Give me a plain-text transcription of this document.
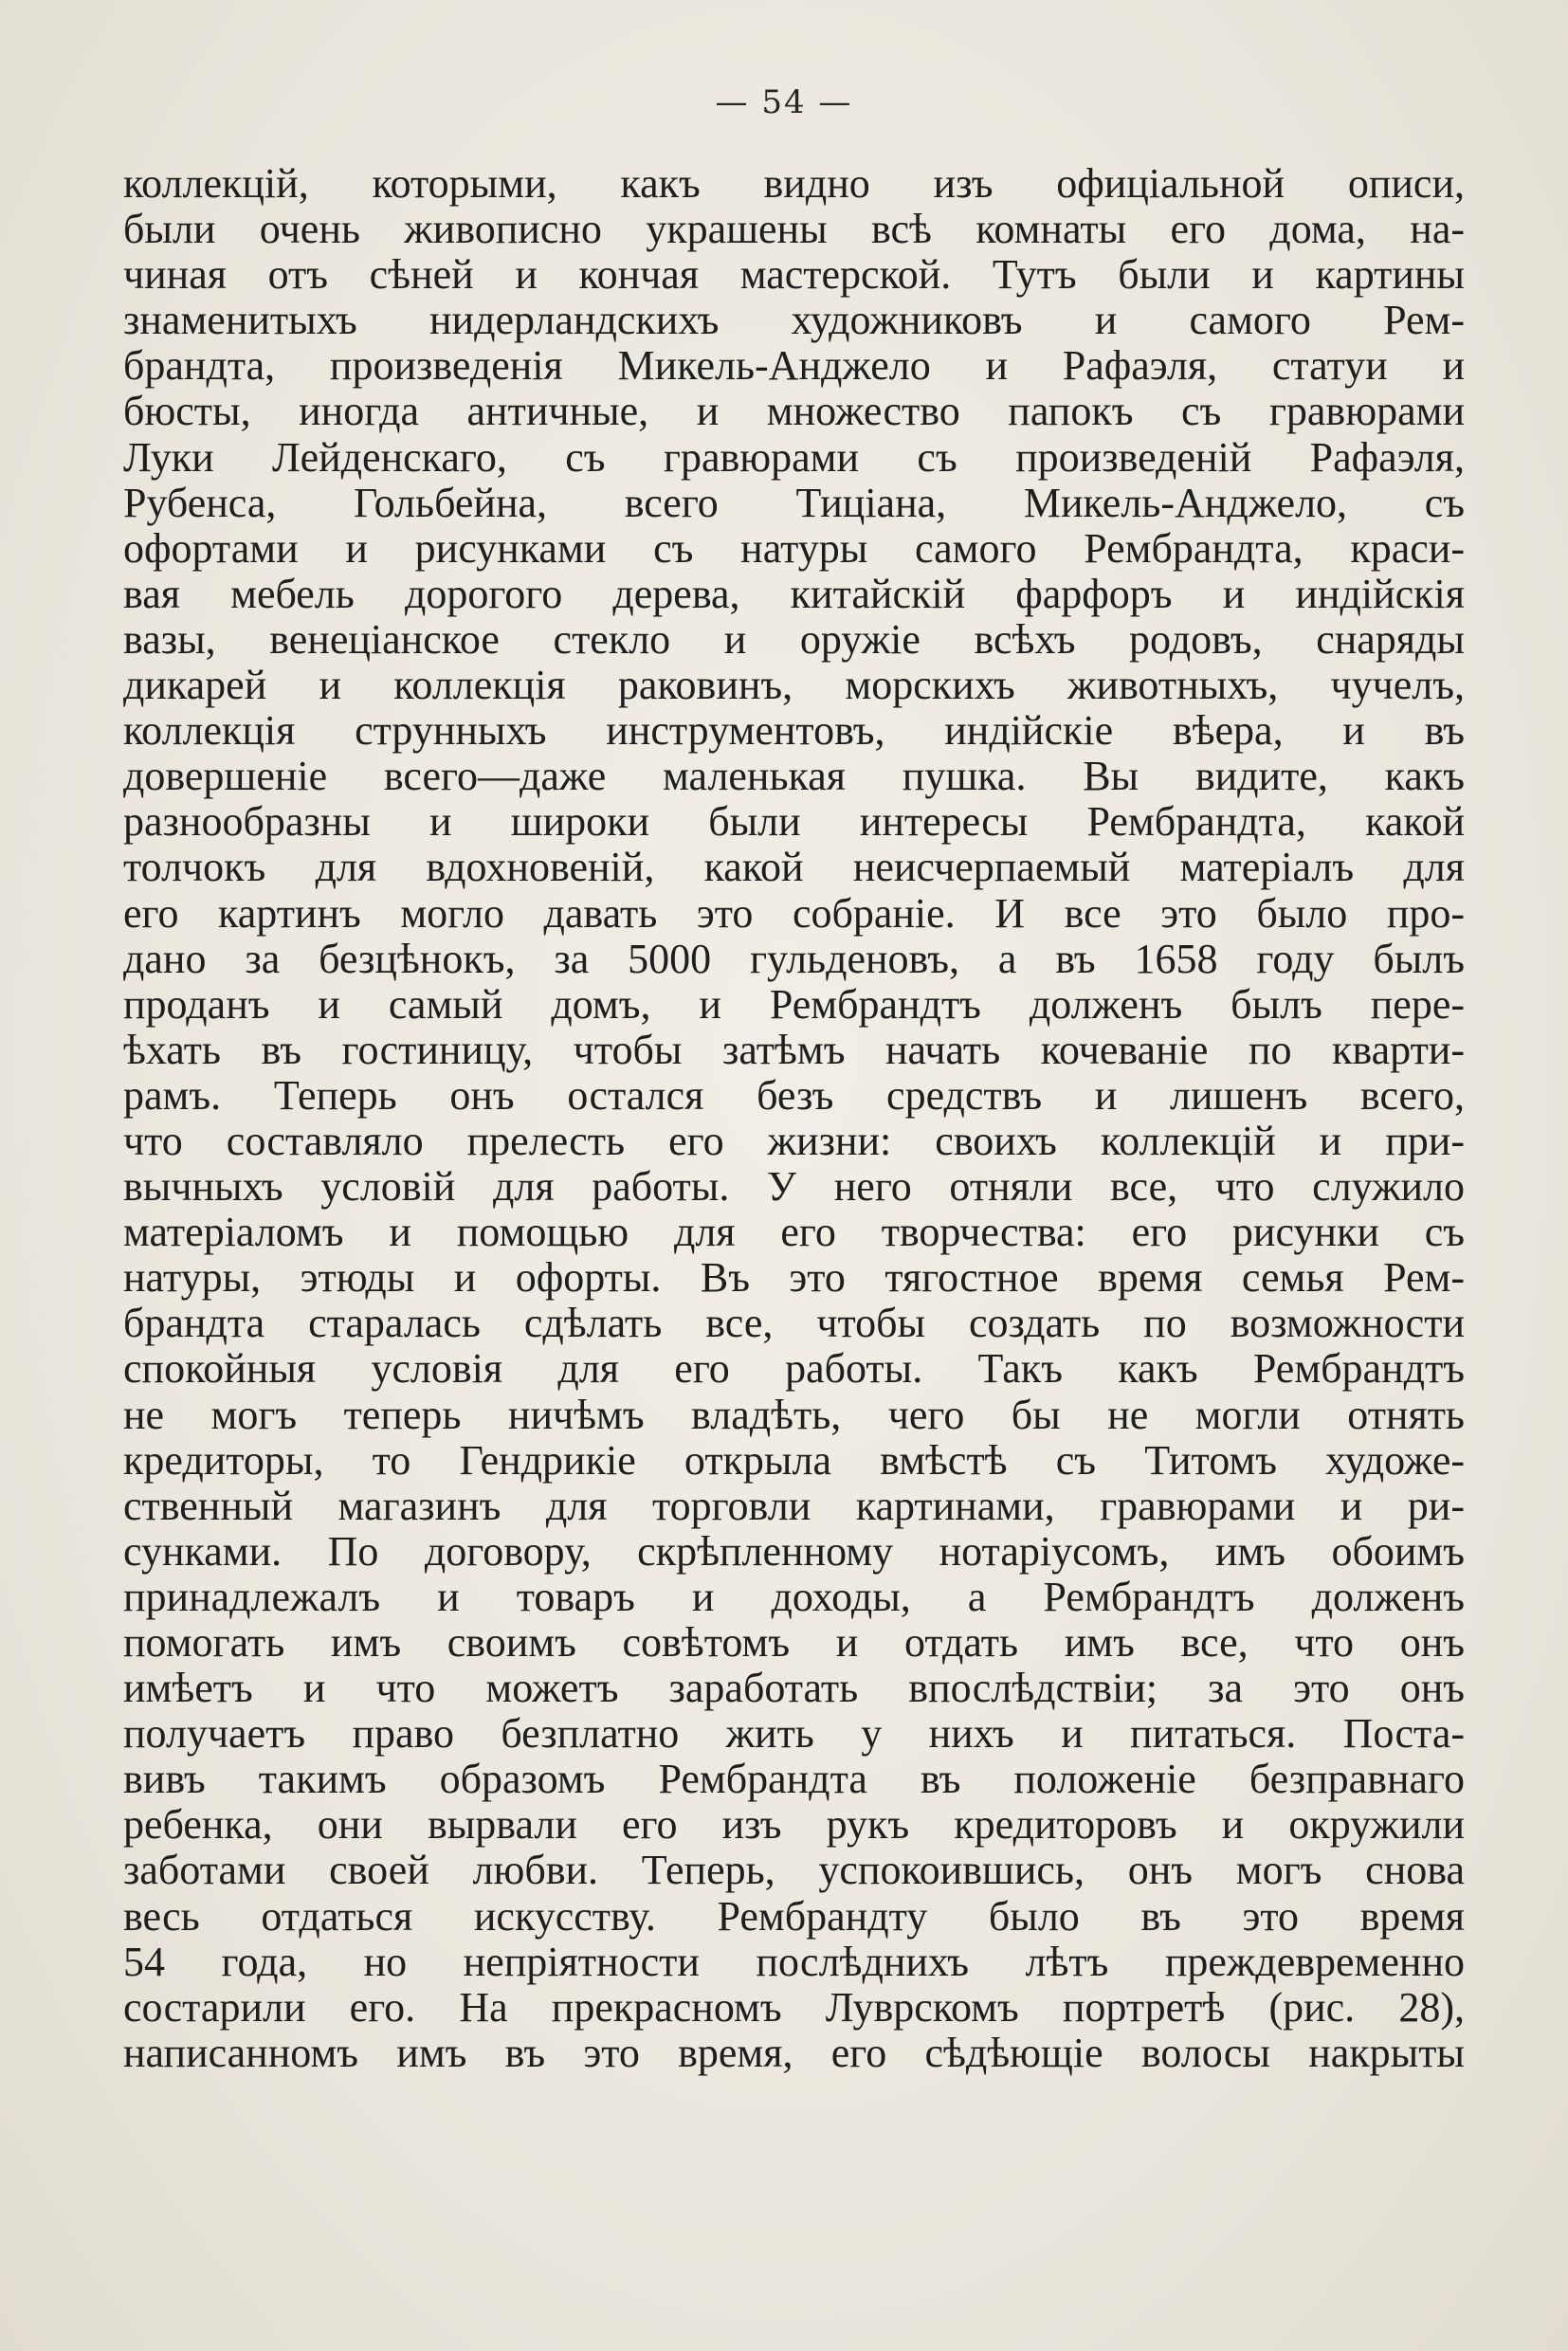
— 54 —
коллекцій, которыми, какъ видно изъ офиціальной описи,
были очень живописно украшены всѣ комнаты его дома, на-
чиная отъ сѣней и кончая мастерской. Тутъ были и картины
знаменитыхъ нидерландскихъ художниковъ и самого Рем-
брандта, произведенія Микель-Анджело и Рафаэля, статуи и
бюсты, иногда античные, и множество папокъ съ гравюрами
Луки Лейденскаго, съ гравюрами съ произведеній Рафаэля,
Рубенса, Гольбейна, всего Тиціана, Микель-Анджело, съ
офортами и рисунками съ натуры самого Рембрандта, краси-
вая мебель дорогого дерева, китайскій фарфоръ и индійскія
вазы, венеціанское стекло и оружіе всѣхъ родовъ, снаряды
дикарей и коллекція раковинъ, морскихъ животныхъ, чучелъ,
коллекція струнныхъ инструментовъ, индійскіе вѣера, и въ
довершеніе всего—даже маленькая пушка. Вы видите, какъ
разнообразны и широки были интересы Рембрандта, какой
толчокъ для вдохновеній, какой неисчерпаемый матеріалъ для
его картинъ могло давать это собраніе. И все это было про-
дано за безцѣнокъ, за 5000 гульденовъ, а въ 1658 году былъ
проданъ и самый домъ, и Рембрандтъ долженъ былъ пере-
ѣхать въ гостиницу, чтобы затѣмъ начать кочеваніе по кварти-
рамъ. Теперь онъ остался безъ средствъ и лишенъ всего,
что составляло прелесть его жизни: своихъ коллекцій и при-
вычныхъ условій для работы. У него отняли все, что служило
матеріаломъ и помощью для его творчества: его рисунки съ
натуры, этюды и офорты. Въ это тягостное время семья Рем-
брандта старалась сдѣлать все, чтобы создать по возможности
спокойныя условія для его работы. Такъ какъ Рембрандтъ
не могъ теперь ничѣмъ владѣть, чего бы не могли отнять
кредиторы, то Гендрикіе открыла вмѣстѣ съ Титомъ художе-
ственный магазинъ для торговли картинами, гравюрами и ри-
сунками. По договору, скрѣпленному нотаріусомъ, имъ обоимъ
принадлежалъ и товаръ и доходы, а Рембрандтъ долженъ
помогать имъ своимъ совѣтомъ и отдать имъ все, что онъ
имѣетъ и что можетъ заработать впослѣдствіи; за это онъ
получаетъ право безплатно жить у нихъ и питаться. Поста-
вивъ такимъ образомъ Рембрандта въ положеніе безправнаго
ребенка, они вырвали его изъ рукъ кредиторовъ и окружили
заботами своей любви. Теперь, успокоившись, онъ могъ снова
весь отдаться искусству. Рембрандту было въ это время
54 года, но непріятности послѣднихъ лѣтъ преждевременно
состарили его. На прекрасномъ Луврскомъ портретѣ (рис. 28),
написанномъ имъ въ это время, его сѣдѣющіе волосы накрыты
